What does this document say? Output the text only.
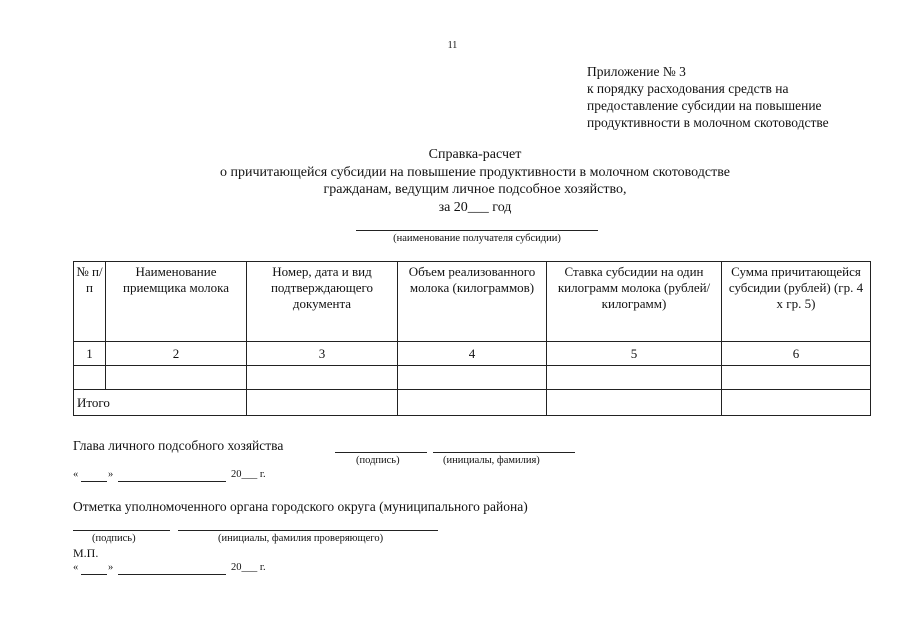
11
Приложение № 3
к порядку расходования средств на
предоставление субсидии на повышение
продуктивности в молочном скотоводстве
Справка-расчет
о причитающейся субсидии на повышение продуктивности в молочном скотоводстве
гражданам, ведущим личное подсобное хозяйство,
за 20___ год
(наименование получателя субсидии)
№ п/п	Наименование приемщика молока	Номер, дата и вид подтверждающего документа	Объем реализованного молока (килограммов)	Ставка субсидии на один килограмм молока (рублей/килограмм)	Сумма причитающейся субсидии (рублей) (гр. 4 x гр. 5)
1	2	3	4	5	6

Итого					
Глава личного подсобного хозяйства
(подпись)	(инициалы, фамилия)
«	»	20___ г.
Отметка уполномоченного органа городского округа (муниципального района)
(подпись)	(инициалы, фамилия проверяющего)
М.П.
«	»	20___ г.
